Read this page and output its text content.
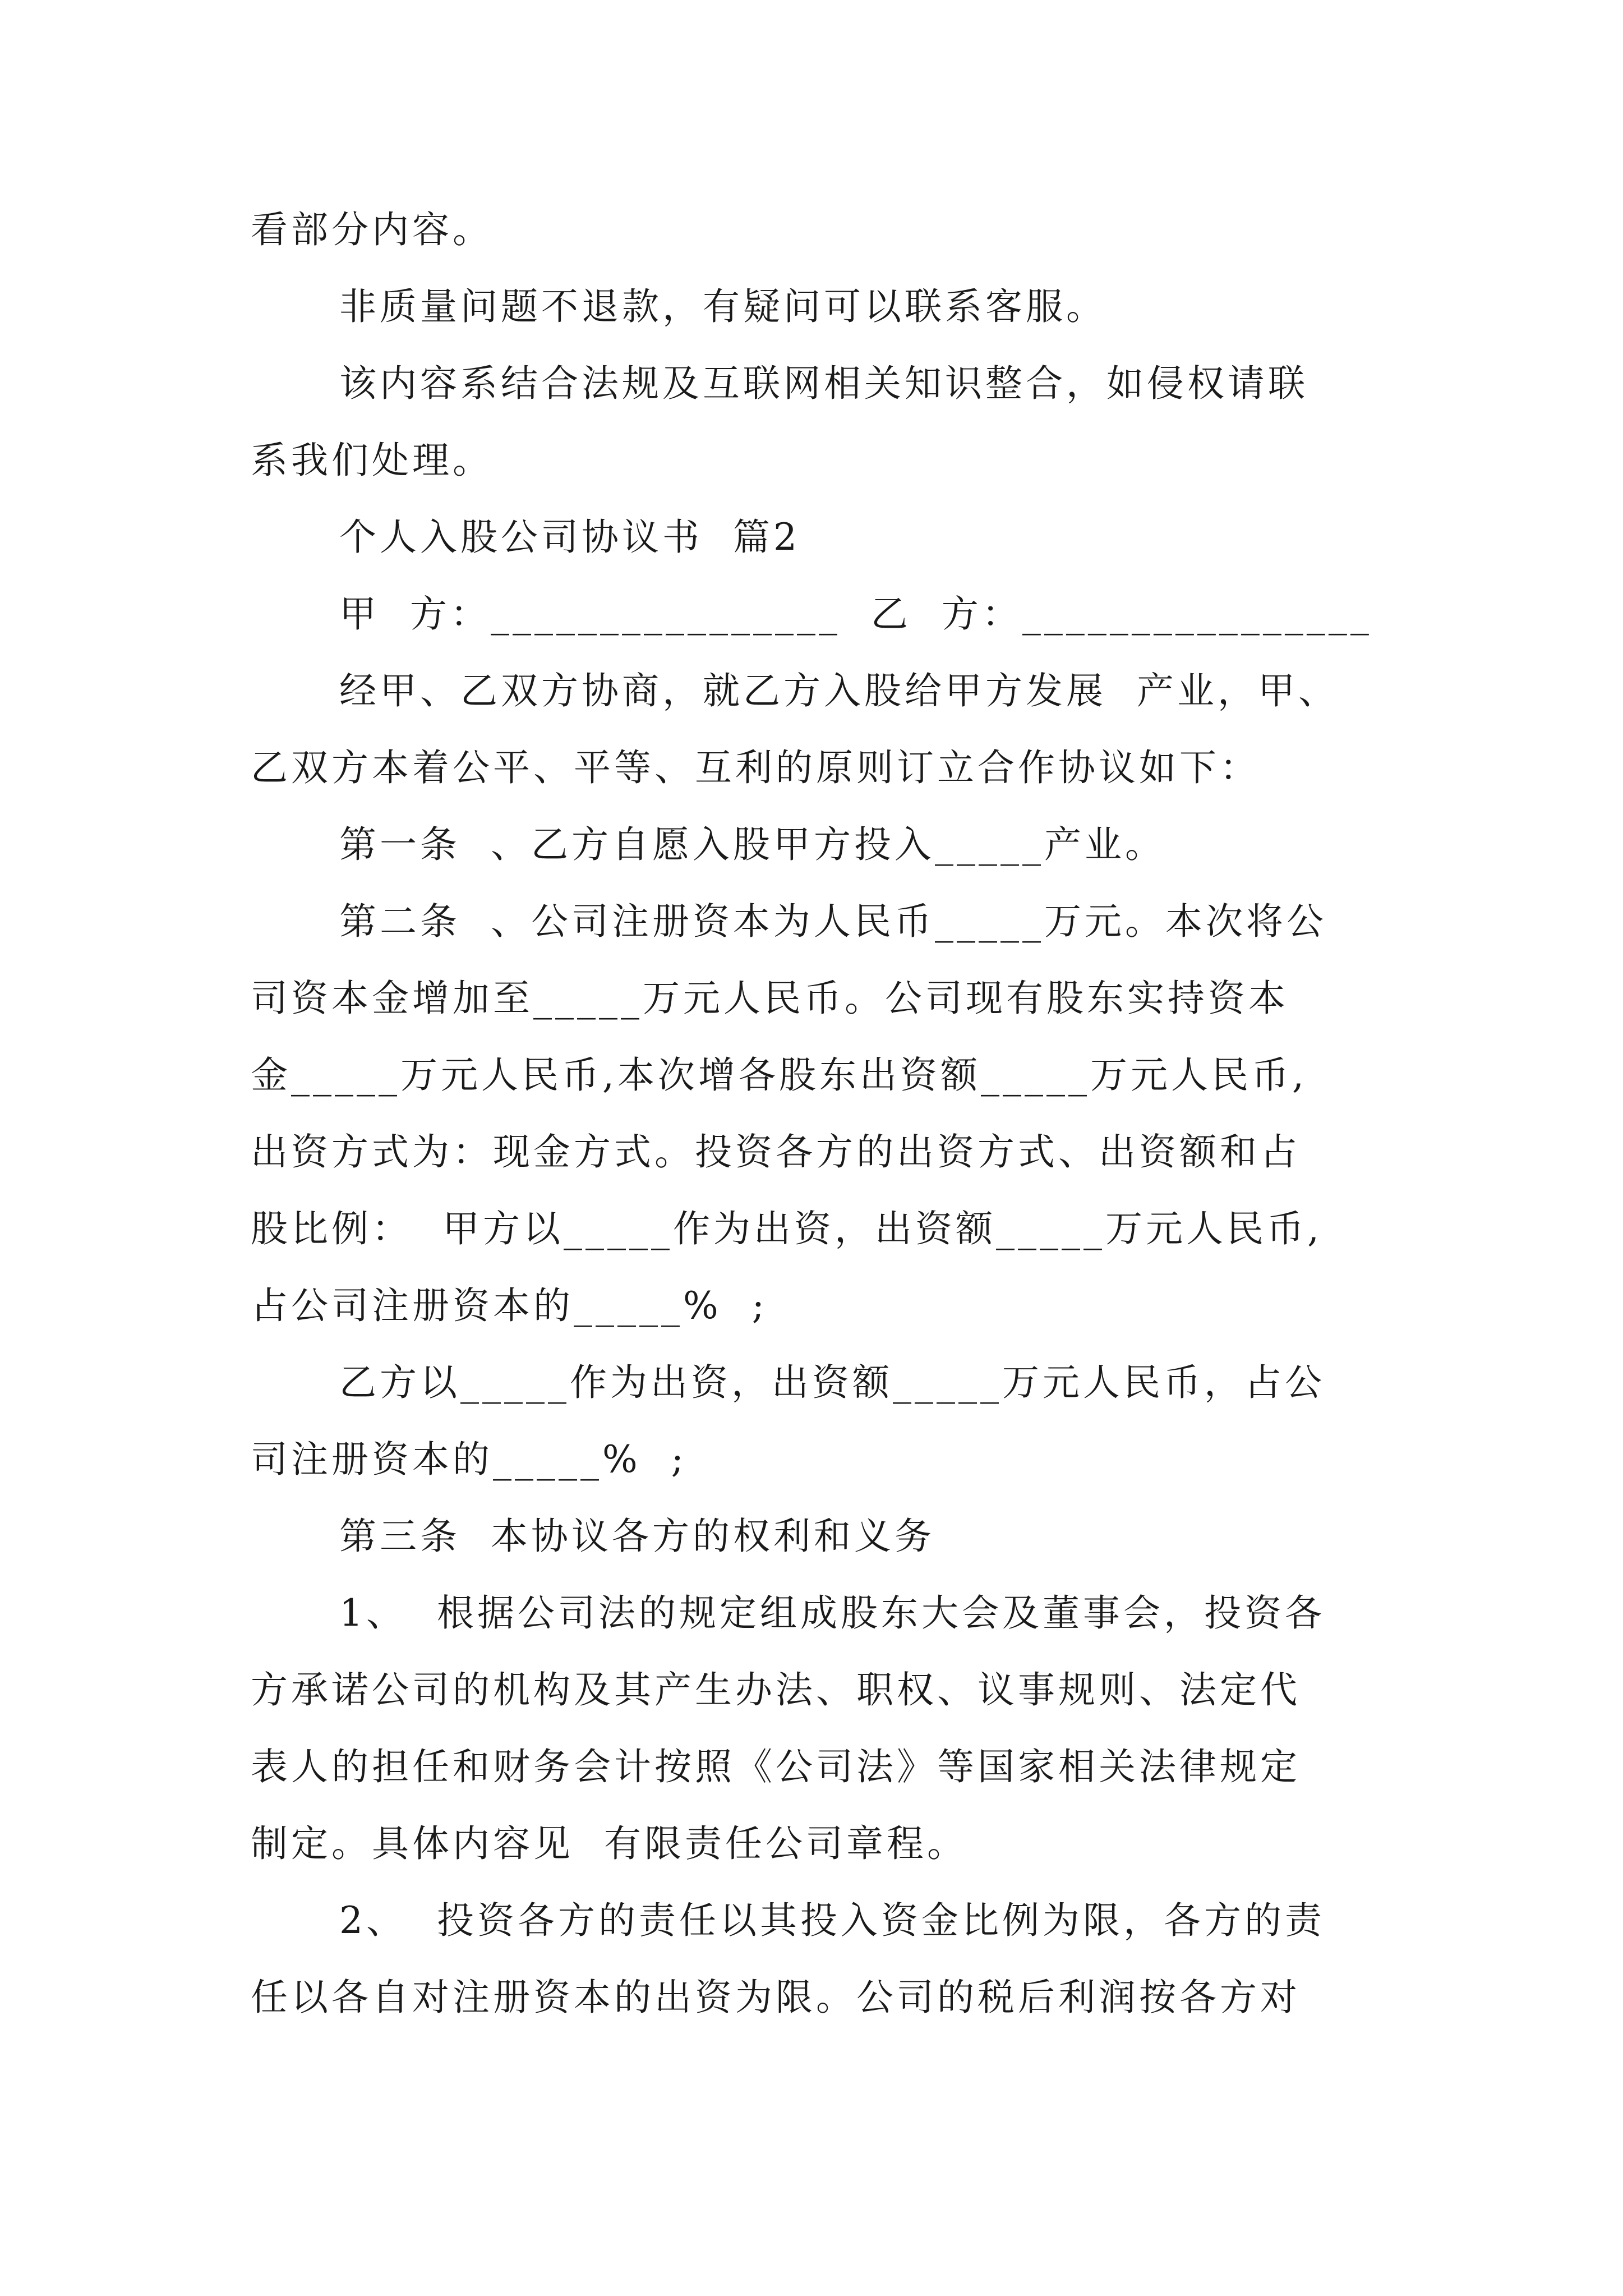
看部分内容。
非质量问题不退款，有疑问可以联系客服。
该内容系结合法规及互联网相关知识整合，如侵权请联
系我们处理。
个人入股公司协议书  篇2
甲  方：________________  乙  方：________________
经甲、乙双方协商，就乙方入股给甲方发展  产业，甲、
乙双方本着公平、平等、互利的原则订立合作协议如下：
第一条  、乙方自愿入股甲方投入_____产业。
第二条  、公司注册资本为人民币_____万元。本次将公
司资本金增加至_____万元人民币。公司现有股东实持资本
金_____万元人民币,本次增各股东出资额_____万元人民币,
出资方式为：现金方式。投资各方的出资方式、出资额和占
股比例：  甲方以_____作为出资，出资额_____万元人民币,
占公司注册资本的_____%  ;
乙方以_____作为出资，出资额_____万元人民币，占公
司注册资本的_____%  ;
第三条  本协议各方的权利和义务
1、  根据公司法的规定组成股东大会及董事会，投资各
方承诺公司的机构及其产生办法、职权、议事规则、法定代
表人的担任和财务会计按照《公司法》等国家相关法律规定
制定。具体内容见  有限责任公司章程。
2、  投资各方的责任以其投入资金比例为限，各方的责
任以各自对注册资本的出资为限。公司的税后利润按各方对
